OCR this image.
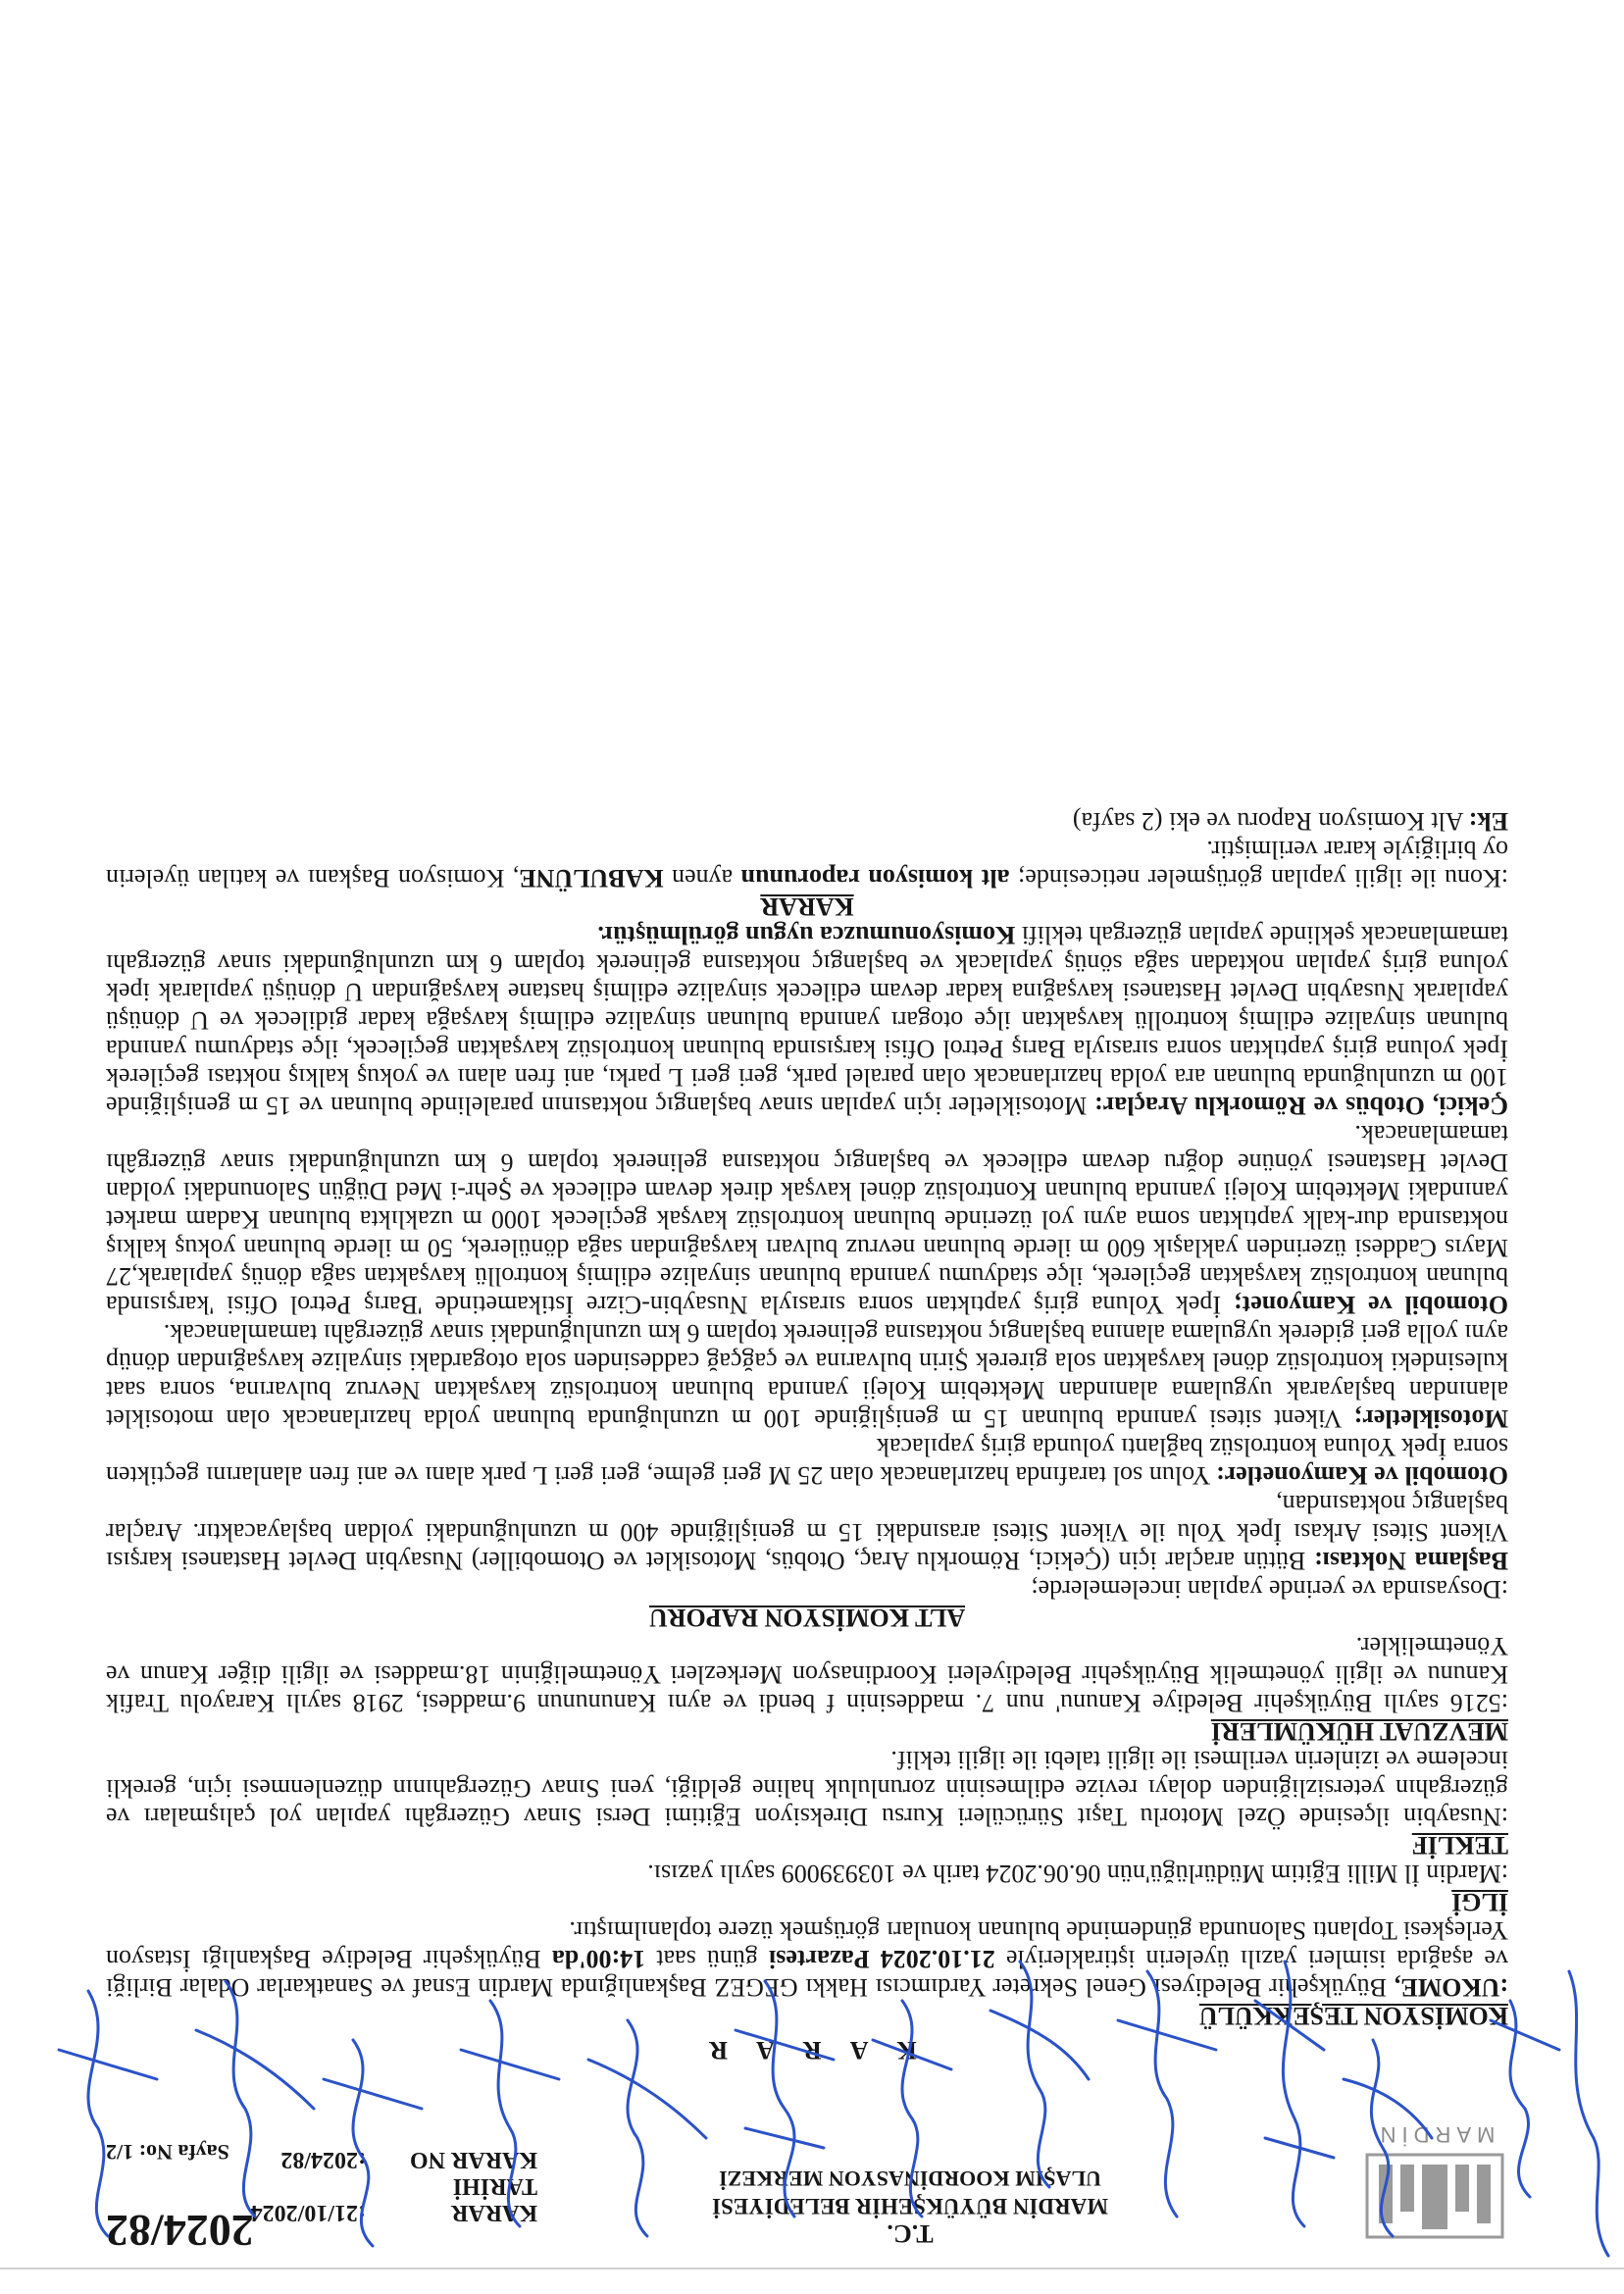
MARDİN
T.C.
MARDİN BÜYÜKŞEHİR BELEDİYESİ
ULAŞIM KOORDİNASYON MERKEZİ
KARAR TARİHİ
:21/10/2024
KARAR NO
:2024/82
2024/82
Sayfa No: 1/2
K A R A R
KOMİSYON TEŞEKKÜLÜ

:UKOME, Büyükşehir Belediyesi Genel Sekreter Yardımcısı Hakkı GEGEZ Başkanlığında Mardin Esnaf ve Sanatkarlar Odalar Birliği ve aşağıda isimleri yazılı üyelerin iştirakleriyle 21.10.2024 Pazartesi günü saat 14:00'da Büyükşehir Belediye Başkanlığı İstasyon Yerleşkesi Toplantı Salonunda gündeminde bulunan konuları görüşmek üzere toplanılmıştır.

İLGİ

:Mardin İl Milli Eğitim Müdürlüğü'nün 06.06.2024 tarih ve 103939009 sayılı yazısı.

TEKLİF

:Nusaybin ilçesinde Özel Motorlu Taşıt Sürücüleri Kursu Direksiyon Eğitimi Dersi Sınav Güzergâhı yapılan yol çalışmaları ve güzergahın yetersizliğinden dolayı revize edilmesinin zorunluluk haline geldiği, yeni Sınav Güzergahının düzenlenmesi için, gerekli inceleme ve izinlerin verilmesi ile ilgili talebi ile ilgili teklif.

MEVZUAT HÜKÜMLERİ

:5216 sayılı Büyükşehir Belediye Kanunu' nun 7. maddesinin f bendi ve aynı Kanununun 9.maddesi, 2918 sayılı Karayolu Trafik Kanunu ve ilgili yönetmelik Büyükşehir Belediyeleri Koordinasyon Merkezleri Yönetmeliğinin 18.maddesi ve ilgili diğer Kanun ve Yönetmelikler.

ALT KOMİSYON RAPORU

:Dosyasında ve yerinde yapılan incelemelerde;

Başlama Noktası: Bütün araçlar için (Çekici, Römorklu Araç, Otobüs, Motosiklet ve Otomobiller) Nusaybin Devlet Hastanesi karşısı Vikent Sitesi Arkası İpek Yolu ile Vikent Sitesi arasındaki 15 m genişliğinde 400 m uzunluğundaki yoldan başlayacaktır. Araçlar başlangıç noktasından,

Otomobil ve Kamyonetler: Yolun sol tarafında hazırlanacak olan 25 M geri gelme, geri geri L park alanı ve ani fren alanlarını geçtikten sonra İpek Yoluna kontrolsüz bağlantı yolunda giriş yapılacak

Motosikletler; Vikent sitesi yanında bulunan 15 m genişliğinde 100 m uzunluğunda bulunan yolda hazırlanacak olan motosiklet alanından başlayarak uygulama alanından Mektebim Koleji yanında bulunan kontrolsüz kavşaktan Nevruz bulvarına, sonra saat kulesindeki kontrolsüz dönel kavşaktan sola girerek Şirin bulvarına ve çağçağ caddesinden sola otogardaki sinyalize kavşağından dönüp aynı yolla geri giderek uygulama alanına başlangıç noktasına gelinerek toplam 6 km uzunluğundaki sınav güzergâhı tamamlanacak.

Otomobil ve Kamyonet; İpek Yoluna giriş yaptıktan sonra sırasıyla Nusaybin-Cizre İstikametinde 'Barış Petrol Ofisi 'karşısında bulunan kontrolsüz kavşaktan geçilerek, ilçe stadyumu yanında bulunan sinyalize edilmiş kontrollü kavşaktan sağa dönüş yapılarak,27 Mayıs Caddesi üzerinden yaklaşık 600 m ilerde bulunan nevruz bulvarı kavşağından sağa dönülerek, 50 m ilerde bulunan yokuş kalkış noktasında dur-kalk yaptıktan soma aynı yol üzerinde bulunan kontrolsüz kavşak geçilecek 1000 m uzaklıkta bulunan Kadam market yanındaki Mektebim Koleji yanında bulunan Kontrolsüz dönel kavşak direk devam edilecek ve Şehr-i Med Düğün Salonundaki yoldan Devlet Hastanesi yönüne doğru devam edilecek ve başlangıç noktasına gelinerek toplam 6 km uzunluğundaki sınav güzergâhı tamamlanacak.

Çekici, Otobüs ve Römorklu Araçlar: Motosikletler için yapılan sınav başlangıç noktasının paralelinde bulunan ve 15 m genişliğinde 100 m uzunluğunda bulunan ara yolda hazırlanacak olan paralel park, geri geri L parkı, ani fren alanı ve yokuş kalkış noktası geçilerek İpek yoluna giriş yaptıktan sonra sırasıyla Barış Petrol Ofisi karşısında bulunan kontrolsüz kavşaktan geçilecek, ilçe stadyumu yanında bulunan sinyalize edilmiş kontrollü kavşaktan ilçe otogarı yanında bulunan sinyalize edilmiş kavşağa kadar gidilecek ve U dönüşü yapılarak Nusaybin Devlet Hastanesi kavşağına kadar devam edilecek sinyalize edilmiş hastane kavşağından U dönüşü yapılarak ipek yoluna giriş yapılan noktadan sağa sönüş yapılacak ve başlangıç noktasına gelinerek toplam 6 km uzunluğundaki sınav güzergahı tamamlanacak şeklinde yapılan güzergah teklifi Komisyonumuzca uygun görülmüştür.

KARAR

:Konu ile ilgili yapılan görüşmeler neticesinde; alt komisyon raporunun aynen KABULÜNE, Komisyon Başkanı ve katılan üyelerin oy birliğiyle karar verilmiştir.

Ek: Alt Komisyon Raporu ve eki (2 sayfa)
